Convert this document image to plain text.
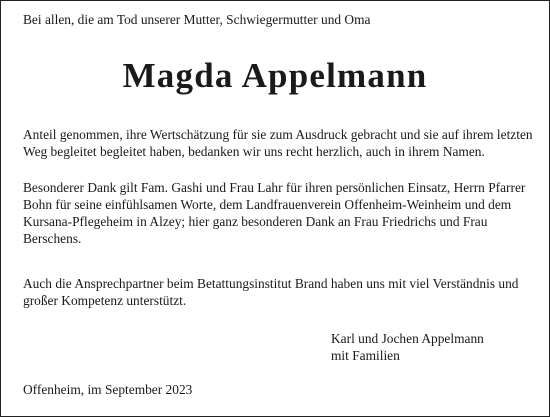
Bei allen, die am Tod unserer Mutter, Schwiegermutter und Oma

Magda Appelmann

Anteil genommen, ihre Wertschätzung für sie zum Ausdruck gebracht und sie auf ihrem letzten Weg begleitet begleitet haben, bedanken wir uns recht herzlich, auch in ihrem Namen.

Besonderer Dank gilt Fam. Gashi und Frau Lahr für ihren persönlichen Einsatz, Herrn Pfarrer Bohn für seine einfühlsamen Worte, dem Landfrauenverein Offenheim-Weinheim und dem Kursana-Pflegeheim in Alzey; hier ganz besonderen Dank an Frau Friedrichs und Frau Berschens.

Auch die Ansprechpartner beim Betattungsinstitut Brand haben uns mit viel Verständnis und großer Kompetenz unterstützt.

Karl und Jochen Appelmann
mit Familien

Offenheim, im September 2023
